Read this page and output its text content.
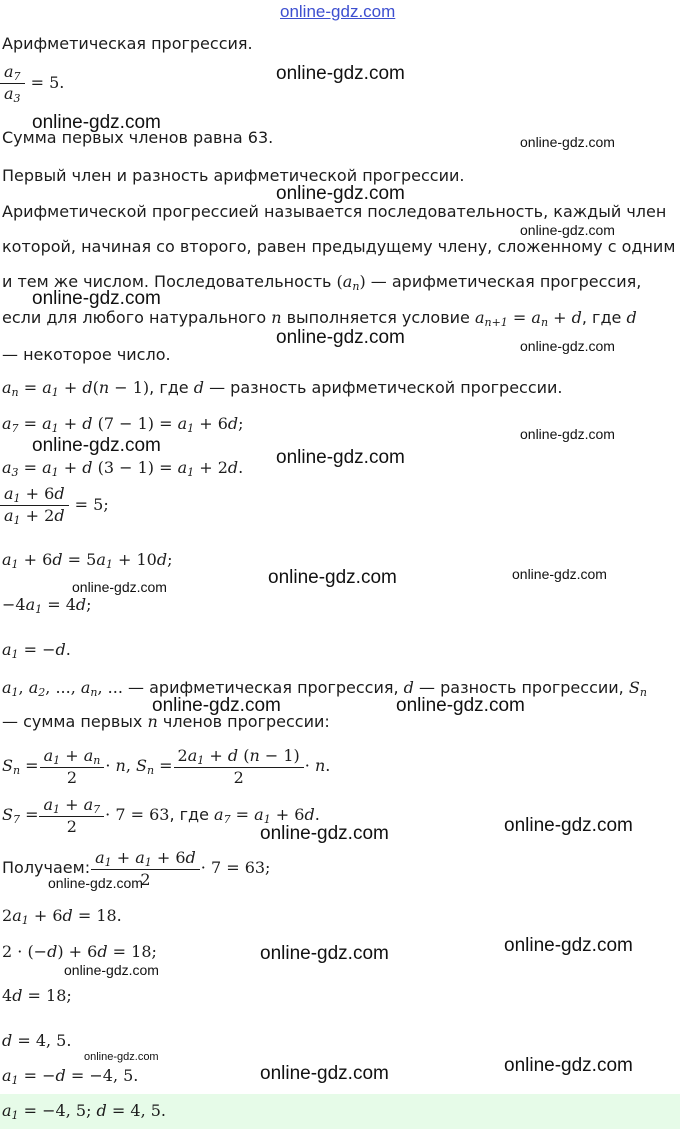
online-gdz.com
online-gdz.com
online-gdz.com
online-gdz.com
online-gdz.com
online-gdz.com
online-gdz.com
online-gdz.com	online-gdz.com
online-gdz.com
online-gdz.com
online-gdz.com
online-gdz.com	online-gdz.com
online-gdz.com
online-gdz.com	online-gdz.com
online-gdz.com
online-gdz.com
online-gdz.com
online-gdz.com
online-gdz.com
online-gdz.com
online-gdz.com	online-gdz.com
online-gdz.com
Арифметическая прогрессия.
$\frac{a_7}{a_3} = 5$.
Сумма первых членов равна 63.
Первый член и разность арифметической прогрессии.
Арифметической прогрессией называется последовательность, каждый член
которой, начиная со второго, равен предыдущему члену, сложенному с одним
и тем же числом. Последовательность $(a_n)$ — арифметическая прогрессия,
если для любого натурального n выполняется условие $a_{n+1} = a_n + d$, где d
— некоторое число.
$a_n = a_1 + d(n - 1)$, где d — разность арифметической прогрессии.
$a_7 = a_1 + d$ $(7 - 1) = a_1 + 6d$;
$a_3 = a_1 + d$ $(3 - 1) = a_1 + 2d$.
$\frac{a_1 + 6d}{a_1 + 2d} = 5$;
$a_1 + 6d = 5a_1 + 10d$;
$-4a_1 = 4d$;
$a_1 = -d$.
$a_1$, $a_2$, ..., $a_n$, ... — арифметическая прогрессия, d — разность прогрессии, $S_n$
— сумма первых n членов прогрессии:
$S_n = \frac{a_1 + a_n}{2} \cdot n$, $S_n = \frac{2a_1 + d (n - 1)}{2} \cdot n$.
$S_7 = \frac{a_1 + a_7}{2} \cdot 7 = 63$, где $a_7 = a_1 + 6d$.
Получаем: $\frac{a_1 + a_1 + 6d}{2} \cdot 7 = 63$;
$2a_1 + 6d = 18$.
2 · (−d) + 6d = 18;
4d = 18;
d = 4, 5.
$a_1 = -d = -4$, 5.
$a_1 = -4$, 5; d = 4, 5.
